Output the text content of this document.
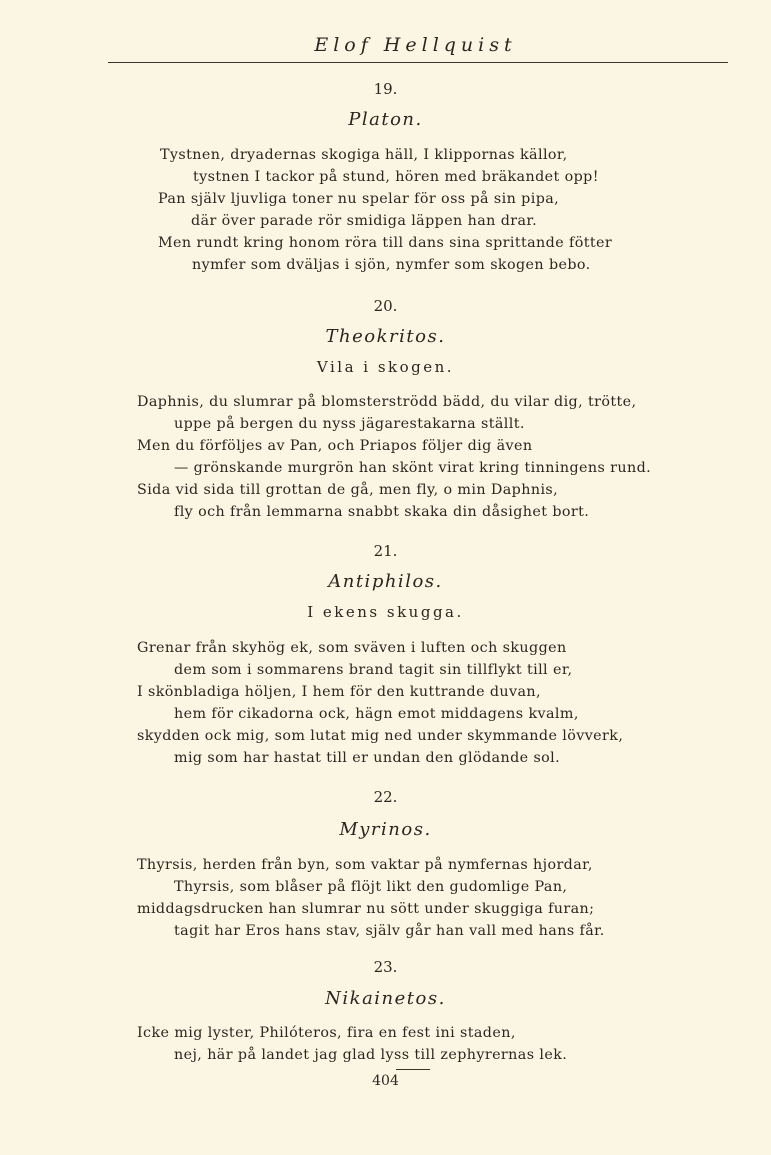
Elof Hellquist
19.
Platon.
Tystnen, dryadernas skogiga häll, I klippornas källor,
tystnen I tackor på stund, hören med bräkandet opp!
Pan själv ljuvliga toner nu spelar för oss på sin pipa,
där över parade rör smidiga läppen han drar.
Men rundt kring honom röra till dans sina sprittande fötter
nymfer som dväljas i sjön, nymfer som skogen bebo.
20.
Theokritos.
Vila i skogen.
Daphnis, du slumrar på blomsterströdd bädd, du vilar dig, trötte,
uppe på bergen du nyss jägarestakarna ställt.
Men du förföljes av Pan, och Priapos följer dig även
— grönskande murgrön han skönt virat kring tinningens rund.
Sida vid sida till grottan de gå, men fly, o min Daphnis,
fly och från lemmarna snabbt skaka din dåsighet bort.
21.
Antiphilos.
I ekens skugga.
Grenar från skyhög ek, som sväven i luften och skuggen
dem som i sommarens brand tagit sin tillflykt till er,
I skönbladiga höljen, I hem för den kuttrande duvan,
hem för cikadorna ock, hägn emot middagens kvalm,
skydden ock mig, som lutat mig ned under skymmande lövverk,
mig som har hastat till er undan den glödande sol.
22.
Myrinos.
Thyrsis, herden från byn, som vaktar på nymfernas hjordar,
Thyrsis, som blåser på flöjt likt den gudomlige Pan,
middagsdrucken han slumrar nu sött under skuggiga furan;
tagit har Eros hans stav, själv går han vall med hans får.
23.
Nikainetos.
Icke mig lyster, Philóteros, fira en fest ini staden,
nej, här på landet jag glad lyss till zephyrernas lek.
404
